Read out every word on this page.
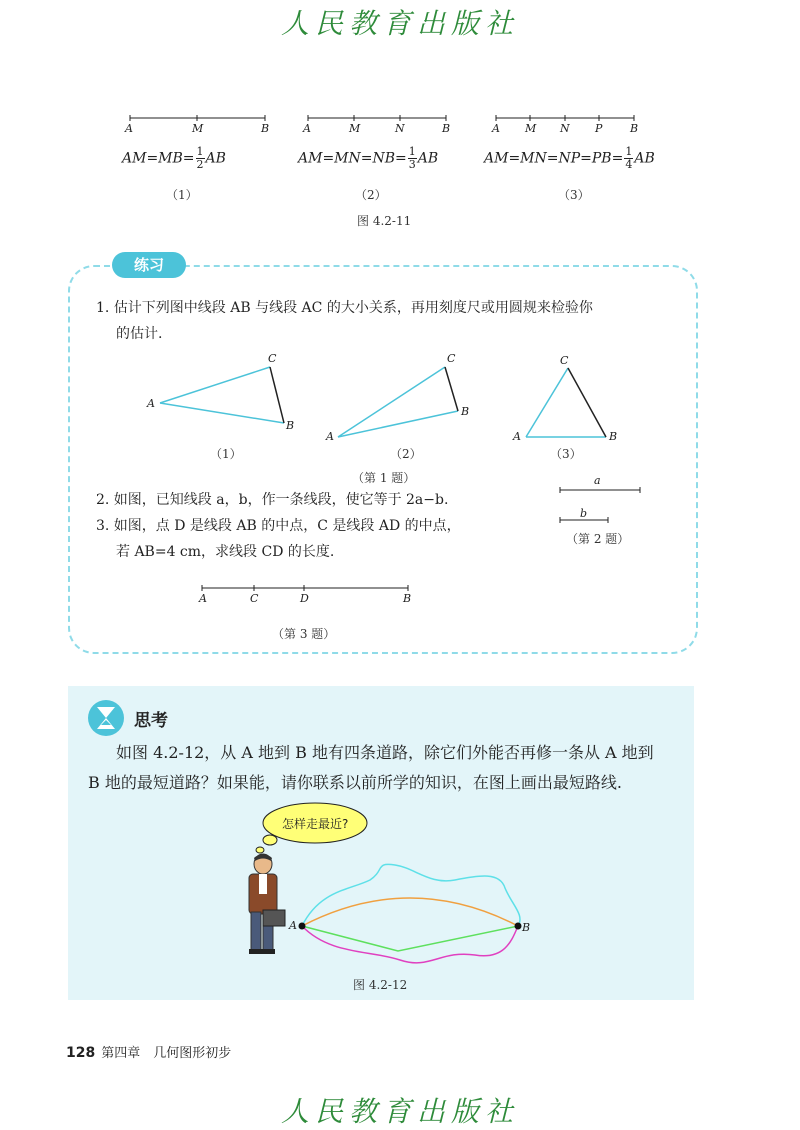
人民教育出版社
A	M	B	A	M	N	B	A M N P	B
$AM=MB= \frac{1}{2}$ AB	$AM=MN=NB= \frac{1}{3}$ AB	$AM=MN=NP=PB= \frac{1}{4}$ AB
（1）	（2）	（3）
图 4.2-11
练习
1. 估计下列图中线段 AB 与线段 AC 的大小关系，再用刻度尺或用圆规来检验你
的估计.
A
C
B
A
C
B
A
C
B
（1）	（2）	（3）
（第 1 题）
2. 如图，已知线段 a，b，作一条线段，使它等于 2a−b.
3. 如图，点 D 是线段 AB 的中点，C 是线段 AD 的中点，
若 AB=4 cm，求线段 CD 的长度.
a
b
（第 2 题）
A	C	D	B
（第 3 题）
思考
如图 4.2-12，从 A 地到 B 地有四条道路，除它们外能否再修一条从 A 地到
B 地的最短道路？如果能，请你联系以前所学的知识，在图上画出最短路线.
怎样走最近?
A	B
图 4.2-12
128 第四章　几何图形初步
人民教育出版社
